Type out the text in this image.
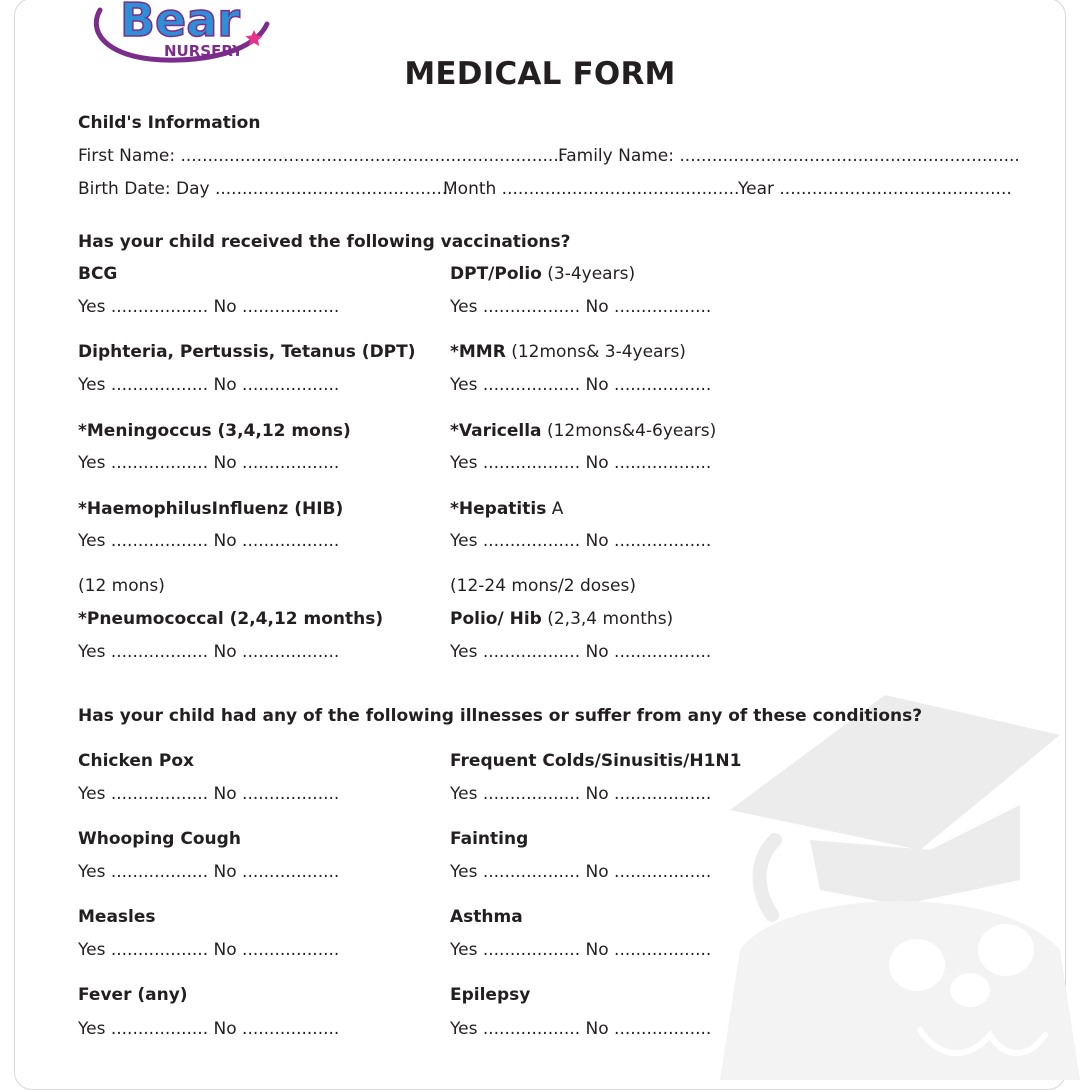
Bear
NURSERY
MEDICAL FORM
Child's Information
First Name: .......................................................................
Family Name: ...............................................................
Birth Date: Day ............................................
Month ............................................
Year ...........................................
Has your child received the following vaccinations?
BCG
Yes .................. No ..................
DPT/Polio (3-4years)
Yes .................. No ..................
Diphteria, Pertussis, Tetanus (DPT)
Yes .................. No ..................
*MMR (12mons& 3-4years)
Yes .................. No ..................
*Meningoccus (3,4,12 mons)
Yes .................. No ..................
*Varicella (12mons&4-6years)
Yes .................. No ..................
*HaemophilusInfluenz (HIB)
Yes .................. No ..................
*Hepatitis A
Yes .................. No ..................
(12 mons)
*Pneumococcal (2,4,12 months)
Yes .................. No ..................
(12-24 mons/2 doses)
Polio/ Hib (2,3,4 months)
Yes .................. No ..................
Has your child had any of the following illnesses or suffer from any of these conditions?
Chicken Pox
Yes .................. No ..................
Frequent Colds/Sinusitis/H1N1
Yes .................. No ..................
Whooping Cough
Yes .................. No ..................
Fainting
Yes .................. No ..................
Measles
Yes .................. No ..................
Asthma
Yes .................. No ..................
Fever (any)
Yes .................. No ..................
Epilepsy
Yes .................. No ..................
